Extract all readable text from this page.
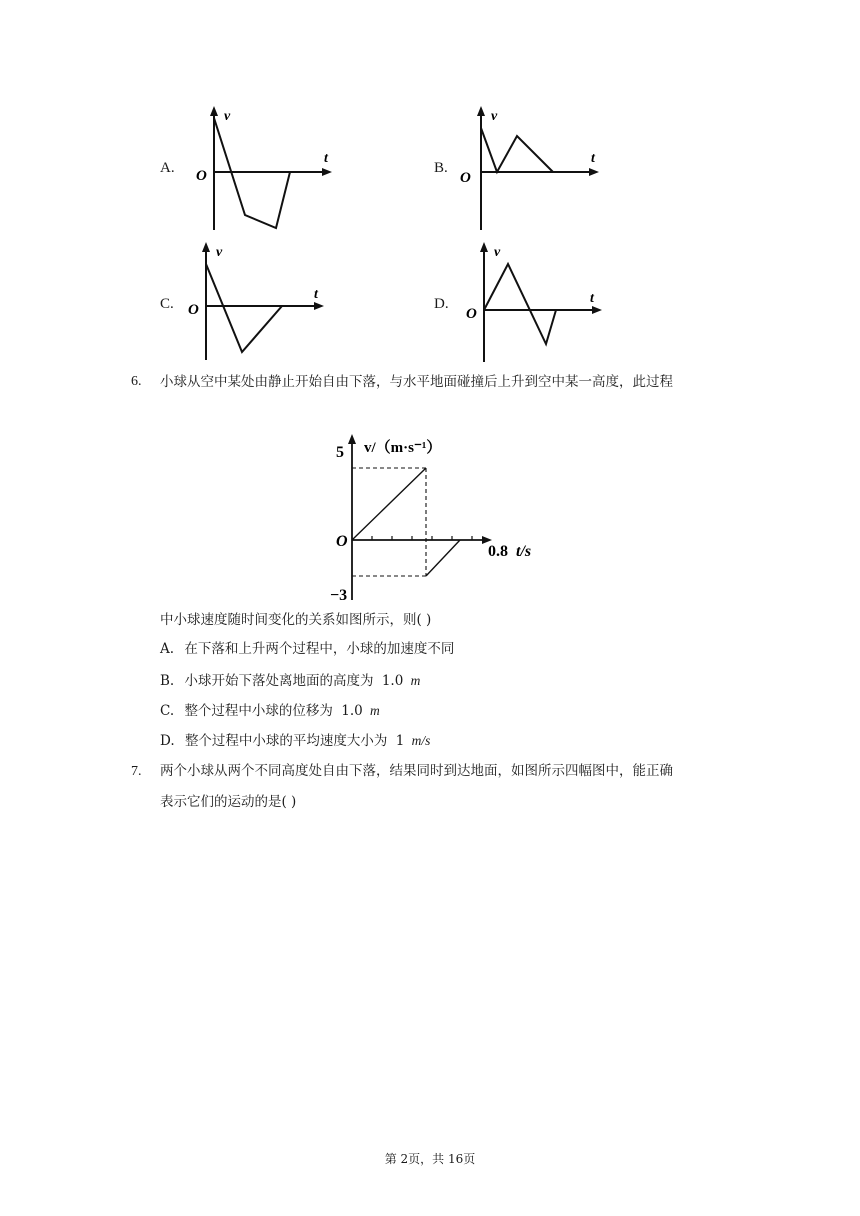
A.
v
t
O	B.
v
t
O
C.
v
t
O	D.
v
t
O
6. 小球从空中某处由静止开始自由下落，与水平地面碰撞后上升到空中某一高度，此过程
v/（m·s⁻¹）
5
−3
O
0.8 t/s
中小球速度随时间变化的关系如图所示，则( )
A. 在下落和上升两个过程中，小球的加速度不同
B. 小球开始下落处离地面的高度为 1.0 m
C. 整个过程中小球的位移为 1.0 m
D. 整个过程中小球的平均速度大小为 1 m/s
7. 两个小球从两个不同高度处自由下落，结果同时到达地面，如图所示四幅图中，能正确
表示它们的运动的是( )
第 2页，共 16页
